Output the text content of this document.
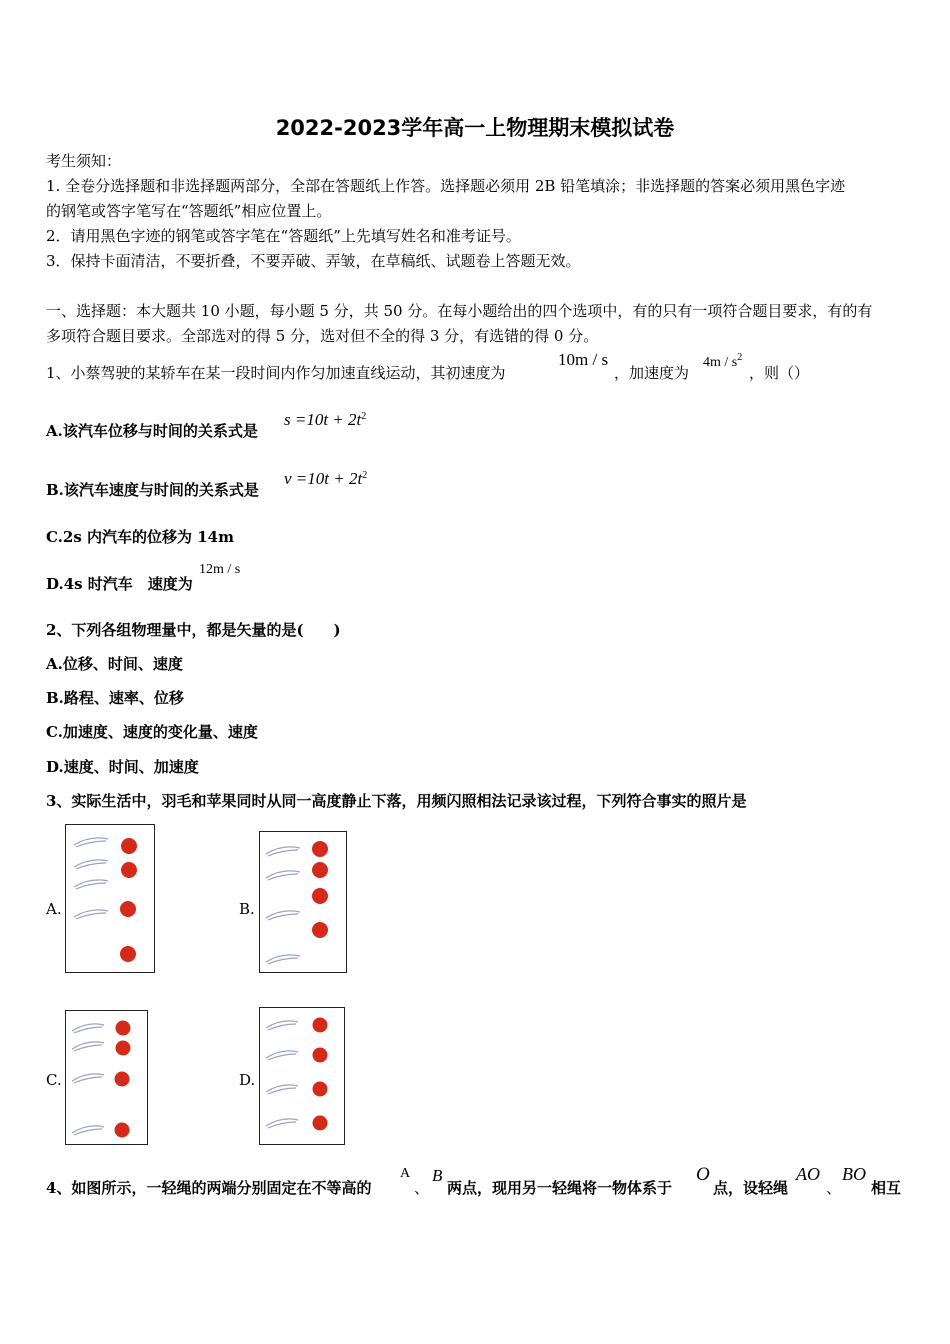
2022-2023学年高一上物理期末模拟试卷
考生须知：
1. 全卷分选择题和非选择题两部分，全部在答题纸上作答。选择题必须用 2B 铅笔填涂；非选择题的答案必须用黑色字迹
的钢笔或答字笔写在“答题纸”相应位置上。
2．请用黑色字迹的钢笔或答字笔在“答题纸”上先填写姓名和准考证号。
3．保持卡面清洁，不要折叠，不要弄破、弄皱，在草稿纸、试题卷上答题无效。
一、选择题：本大题共 10 小题，每小题 5 分，共 50 分。在每小题给出的四个选项中，有的只有一项符合题目要求，有的有
多项符合题目要求。全部选对的得 5 分，选对但不全的得 3 分，有选错的得 0 分。
1、小蔡驾驶的某轿车在某一段时间内作匀加速直线运动，其初速度为
10m / s
，加速度为
$4m / s^2$
，则（）
A.该汽车位移与时间的关系式是
$s =10t + 2t^2$
B.该汽车速度与时间的关系式是
$v =10t + 2t^2$
C.2s 内汽车的位移为 14m
D.4s 时汽车　速度为
12m / s
2、下列各组物理量中，都是矢量的是(　　)
A.位移、时间、速度
B.路程、速率、位移
C.加速度、速度的变化量、速度
D.速度、时间、加速度
3、实际生活中，羽毛和苹果同时从同一高度静止下落，用频闪照相法记录该过程，下列符合事实的照片是
A.	B.
C.	D.
4、如图所示，一轻绳的两端分别固定在不等高的
A
、
B
两点，现用另一轻绳将一物体系于
O
点，设轻绳
AO
、
BO
相互
